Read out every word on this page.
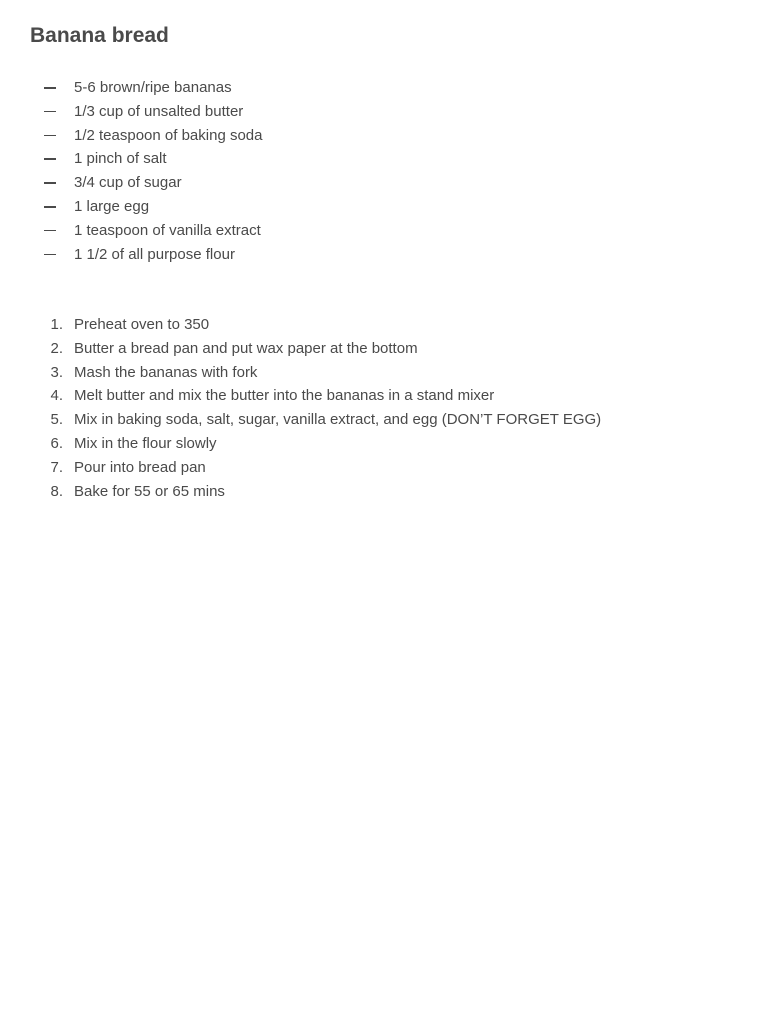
Banana bread
5-6 brown/ripe bananas
1/3 cup of unsalted butter
1/2 teaspoon of baking soda
1 pinch of salt
3/4 cup of sugar
1 large egg
1 teaspoon of vanilla extract
1 1/2 of all purpose flour
1. Preheat oven to 350
2. Butter a bread pan and put wax paper at the bottom
3. Mash the bananas with fork
4. Melt butter and mix the butter into the bananas in a stand mixer
5. Mix in baking soda, salt, sugar, vanilla extract, and egg (DON’T FORGET EGG)
6. Mix in the flour slowly
7. Pour into bread pan
8. Bake for 55 or 65 mins
